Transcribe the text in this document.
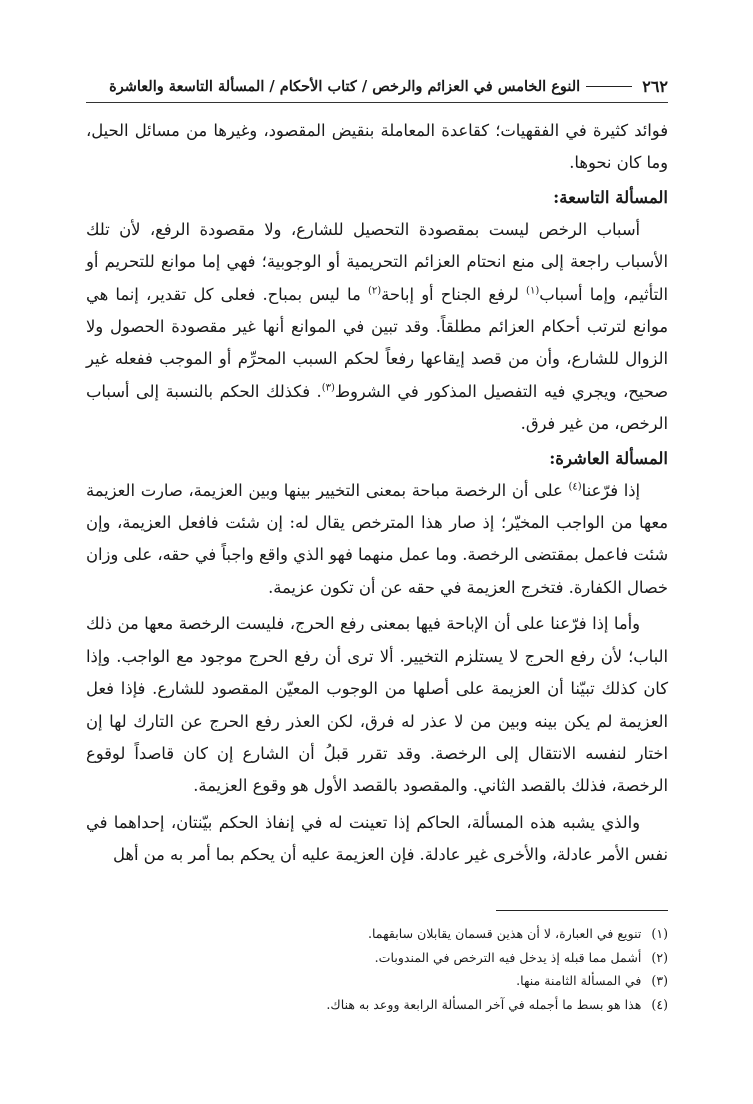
٢٦٢
النوع الخامس في العزائم والرخص / كتاب الأحكام / المسألة التاسعة والعاشرة

فوائد كثيرة في الفقهيات؛ كقاعدة المعاملة بنقيض المقصود، وغيرها من مسائل الحيل، وما كان نحوها.

المسألة التاسعة:

أسباب الرخص ليست بمقصودة التحصيل للشارع، ولا مقصودة الرفع، لأن تلك الأسباب راجعة إلى منع انحتام العزائم التحريمية أو الوجوبية؛ فهي إما موانع للتحريم أو التأثيم، وإما أسباب$^{(١)}$ لرفع الجناح أو إباحة$^{(٢)}$ ما ليس بمباح. فعلى كل تقدير، إنما هي موانع لترتب أحكام العزائم مطلقاً. وقد تبين في الموانع أنها غير مقصودة الحصول ولا الزوال للشارع، وأن من قصد إيقاعها رفعاً لحكم السبب المحرِّم أو الموجب ففعله غير صحيح، ويجري فيه التفصيل المذكور في الشروط$^{(٣)}$. فكذلك الحكم بالنسبة إلى أسباب الرخص، من غير فرق.

المسألة العاشرة:

إذا فرّعنا$^{(٤)}$ على أن الرخصة مباحة بمعنى التخيير بينها وبين العزيمة، صارت العزيمة معها من الواجب المخيّر؛ إذ صار هذا المترخص يقال له: إن شئت فافعل العزيمة، وإن شئت فاعمل بمقتضى الرخصة. وما عمل منهما فهو الذي واقع واجباً في حقه، على وزان خصال الكفارة. فتخرج العزيمة في حقه عن أن تكون عزيمة.

وأما إذا فرّعنا على أن الإباحة فيها بمعنى رفع الحرج، فليست الرخصة معها من ذلك الباب؛ لأن رفع الحرج لا يستلزم التخيير. ألا ترى أن رفع الحرج موجود مع الواجب. وإذا كان كذلك تبيّنا أن العزيمة على أصلها من الوجوب المعيّن المقصود للشارع. فإذا فعل العزيمة لم يكن بينه وبين من لا عذر له فرق، لكن العذر رفع الحرج عن التارك لها إن اختار لنفسه الانتقال إلى الرخصة. وقد تقرر قبلُ أن الشارع إن كان قاصداً لوقوع الرخصة، فذلك بالقصد الثاني. والمقصود بالقصد الأول هو وقوع العزيمة.

والذي يشبه هذه المسألة، الحاكم إذا تعينت له في إنفاذ الحكم بيّنتان، إحداهما في نفس الأمر عادلة، والأخرى غير عادلة. فإن العزيمة عليه أن يحكم بما أمر به من أهل

(١)تنويع في العبارة، لا أن هذين قسمان يقابلان سابقهما.
(٢)أشمل مما قبله إذ يدخل فيه الترخص في المندوبات.
(٣)في المسألة الثامنة منها.
(٤)هذا هو بسط ما أجمله في آخر المسألة الرابعة ووعد به هناك.
